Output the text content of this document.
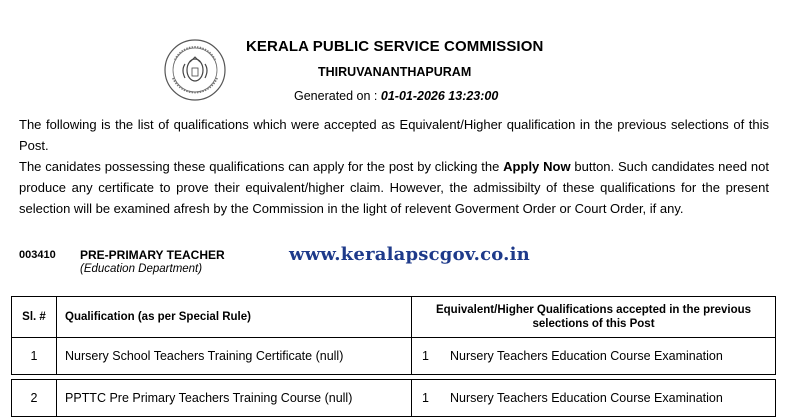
KERALA PUBLIC SERVICE COMMISSION
THIRUVANANTHAPURAM
Generated on : 01-01-2026 13:23:00

The following is the list of qualifications which were accepted as Equivalent/Higher qualification in the previous selections of this Post.

The canidates possessing these qualifications can apply for the post by clicking the Apply Now button. Such candidates need not produce any certificate to prove their equivalent/higher claim. However, the admissibilty of these qualifications for the present selection will be examined afresh by the Commission in the light of relevent Goverment Order or Court Order, if any.

003410 PRE-PRIMARY TEACHER
(Education Department)
www.keralapscgov.co.in
Sl. #	Qualification (as per Special Rule)	Equivalent/Higher Qualifications accepted in the previous
selections of this Post
1	Nursery School Teachers Training Certificate (null)	1 Nursery Teachers Education Course Examination

2	PPTTC Pre Primary Teachers Training Course (null)	1 Nursery Teachers Education Course Examination
